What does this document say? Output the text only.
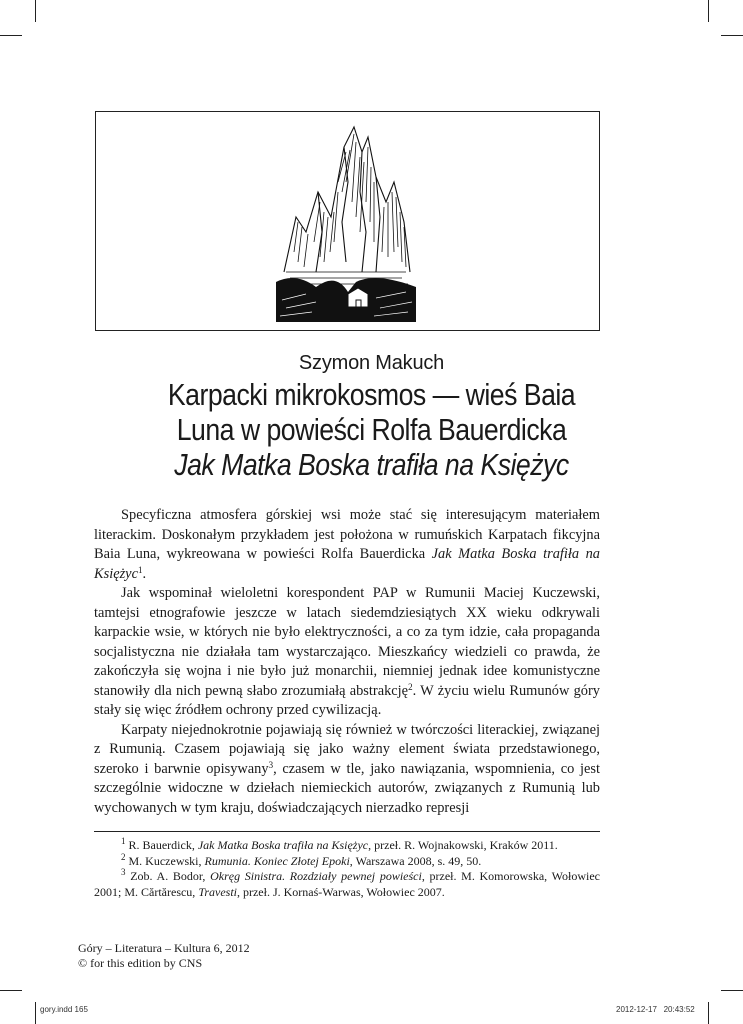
Szymon Makuch
Karpacki mikrokosmos — wieś Baia
Luna w powieści Rolfa Bauerdicka
Jak Matka Boska trafiła na Księżyc

Specyficzna atmosfera górskiej wsi może stać się interesującym materiałem literackim. Doskonałym przykładem jest położona w rumuńskich Karpatach fikcyjna Baia Luna, wykreowana w powieści Rolfa Bauerdicka Jak Matka Boska trafiła na Księżyc$^1$.

Jak wspominał wieloletni korespondent PAP w Rumunii Maciej Kuczewski, tamtejsi etnografowie jeszcze w latach siedemdziesiątych XX wieku odkrywali karpackie wsie, w których nie było elektryczności, a co za tym idzie, cała propaganda socjalistyczna nie działała tam wystarczająco. Mieszkańcy wiedzieli co prawda, że zakończyła się wojna i nie było już monarchii, niemniej jednak idee komunistyczne stanowiły dla nich pewną słabo zrozumiałą abstrakcję$^2$. W życiu wielu Rumunów góry stały się więc źródłem ochrony przed cywilizacją.

Karpaty niejednokrotnie pojawiają się również w twórczości literackiej, związanej z Rumunią. Czasem pojawiają się jako ważny element świata przedstawionego, szeroko i barwnie opisywany$^3$, czasem w tle, jako nawiązania, wspomnienia, co jest szczególnie widoczne w dziełach niemieckich autorów, związanych z Rumunią lub wychowanych w tym kraju, doświadczających nierzadko represji

$^1$ R. Bauerdick, Jak Matka Boska trafiła na Księżyc, przeł. R. Wojnakowski, Kraków 2011.

$^2$ M. Kuczewski, Rumunia. Koniec Złotej Epoki, Warszawa 2008, s. 49, 50.

$^3$ Zob. A. Bodor, Okręg Sinistra. Rozdziały pewnej powieści, przeł. M. Komorowska, Wołowiec 2001; M. Cărtărescu, Travesti, przeł. J. Kornaś-Warwas, Wołowiec 2007.

Góry – Literatura – Kultura 6, 2012
© for this edition by CNS
gory.indd 165	2012-12-17   20:43:52
